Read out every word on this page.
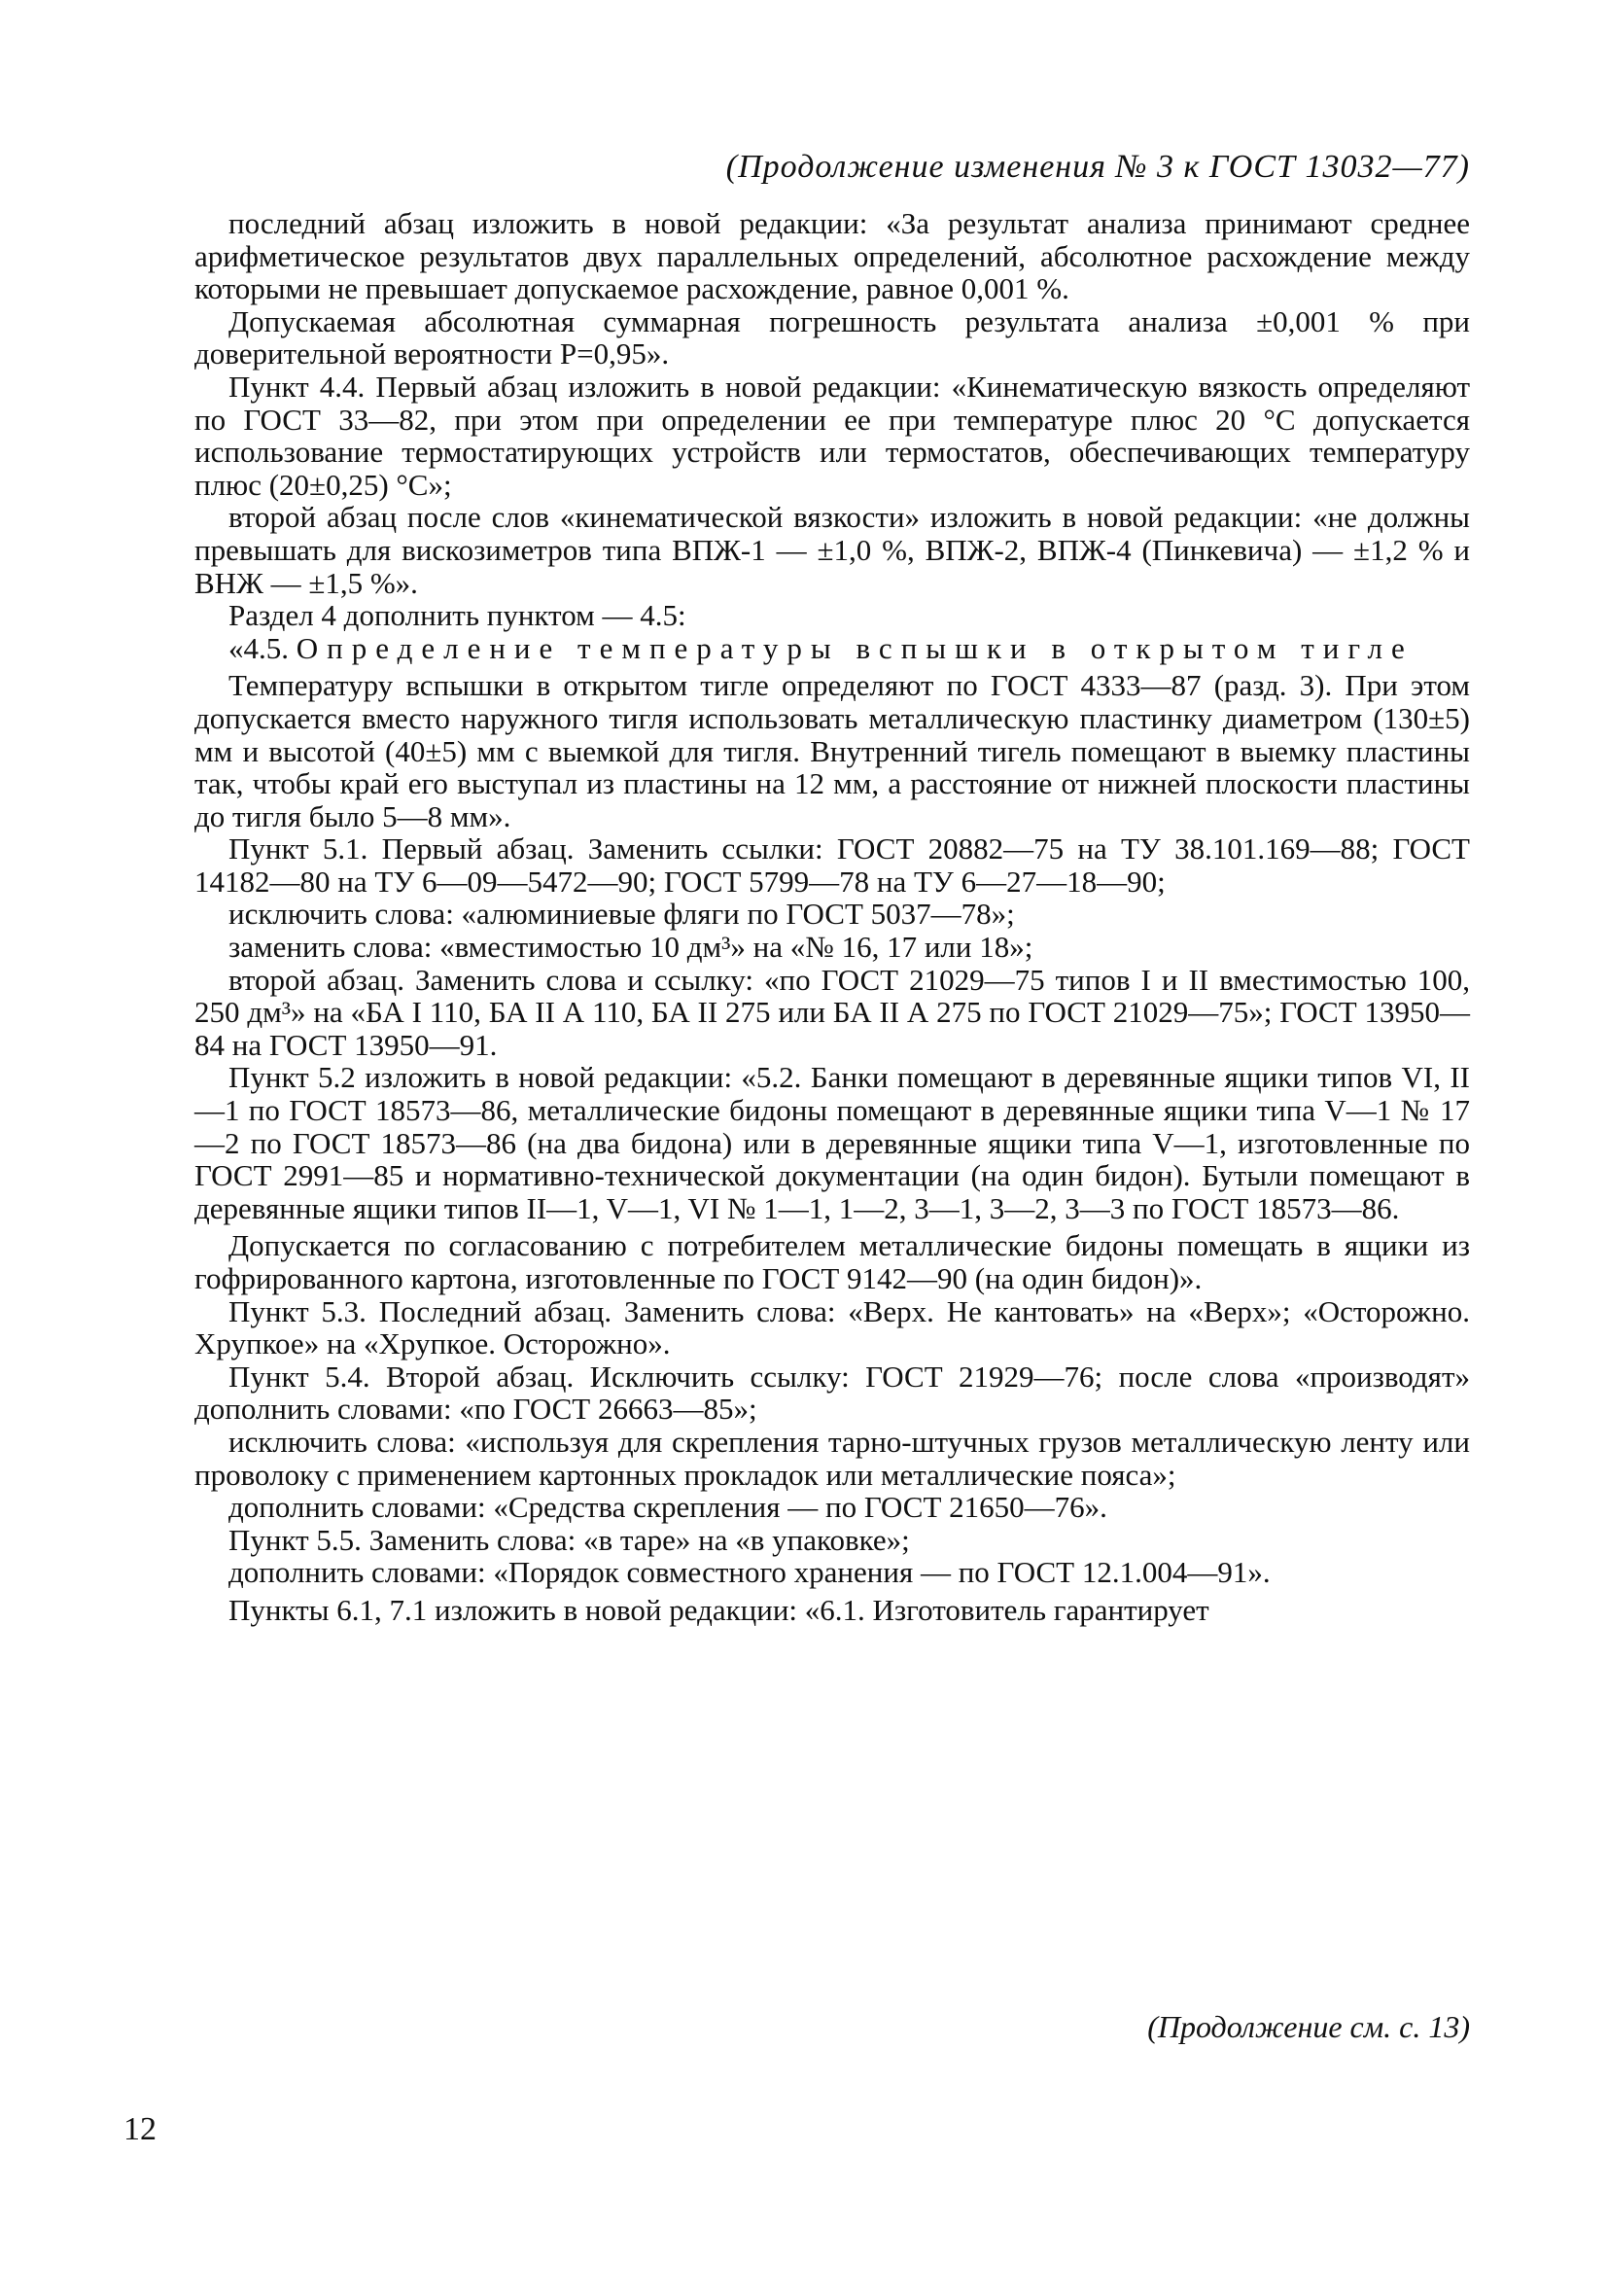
(Продолжение изменения № 3 к ГОСТ 13032—77)

последний абзац изложить в новой редакции: «За результат анализа принимают среднее арифметическое результатов двух параллельных определений, абсолютное расхождение между которыми не превышает допускаемое расхождение, равное 0,001 %.

Допускаемая абсолютная суммарная погрешность результата анализа ±0,001 % при доверительной вероятности P=0,95».

Пункт 4.4. Первый абзац изложить в новой редакции: «Кинематическую вязкость определяют по ГОСТ 33—82, при этом при определении ее при температуре плюс 20 °С допускается использование термостатирующих устройств или термостатов, обеспечивающих температуру плюс (20±0,25) °С»;

второй абзац после слов «кинематической вязкости» изложить в новой редакции: «не должны превышать для вискозиметров типа ВПЖ-1 — ±1,0 %, ВПЖ-2, ВПЖ-4 (Пинкевича) — ±1,2 % и ВНЖ — ±1,5 %».

Раздел 4 дополнить пунктом — 4.5:

«4.5. Определение температуры вспышки в открытом тигле

Температуру вспышки в открытом тигле определяют по ГОСТ 4333—87 (разд. 3). При этом допускается вместо наружного тигля использовать металлическую пластинку диаметром (130±5) мм и высотой (40±5) мм с выемкой для тигля. Внутренний тигель помещают в выемку пластины так, чтобы край его выступал из пластины на 12 мм, а расстояние от нижней плоскости пластины до тигля было 5—8 мм».

Пункт 5.1. Первый абзац. Заменить ссылки: ГОСТ 20882—75 на ТУ 38.101.169—88; ГОСТ 14182—80 на ТУ 6—09—5472—90; ГОСТ 5799—78 на ТУ 6—27—18—90;

исключить слова: «алюминиевые фляги по ГОСТ 5037—78»;

заменить слова: «вместимостью 10 дм³» на «№ 16, 17 или 18»;

второй абзац. Заменить слова и ссылку: «по ГОСТ 21029—75 типов I и II вместимостью 100, 250 дм³» на «БА I 110, БА II А 110, БА II 275 или БА II А 275 по ГОСТ 21029—75»; ГОСТ 13950—84 на ГОСТ 13950—91.

Пункт 5.2 изложить в новой редакции: «5.2. Банки помещают в деревянные ящики типов VI, II—1 по ГОСТ 18573—86, металлические бидоны помещают в деревянные ящики типа V—1 № 17—2 по ГОСТ 18573—86 (на два бидона) или в деревянные ящики типа V—1, изготовленные по ГОСТ 2991—85 и нормативно-технической документации (на один бидон). Бутыли помещают в деревянные ящики типов II—1, V—1, VI № 1—1, 1—2, 3—1, 3—2, 3—3 по ГОСТ 18573—86.

Допускается по согласованию с потребителем металлические бидоны помещать в ящики из гофрированного картона, изготовленные по ГОСТ 9142—90 (на один бидон)».

Пункт 5.3. Последний абзац. Заменить слова: «Верх. Не кантовать» на «Верх»; «Осторожно. Хрупкое» на «Хрупкое. Осторожно».

Пункт 5.4. Второй абзац. Исключить ссылку: ГОСТ 21929—76; после слова «производят» дополнить словами: «по ГОСТ 26663—85»;

исключить слова: «используя для скрепления тарно-штучных грузов металлическую ленту или проволоку с применением картонных прокладок или металлические пояса»;

дополнить словами: «Средства скрепления — по ГОСТ 21650—76».

Пункт 5.5. Заменить слова: «в таре» на «в упаковке»;

дополнить словами: «Порядок совместного хранения — по ГОСТ 12.1.004—91».

Пункты 6.1, 7.1 изложить в новой редакции: «6.1. Изготовитель гарантирует

(Продолжение см. с. 13)
12
